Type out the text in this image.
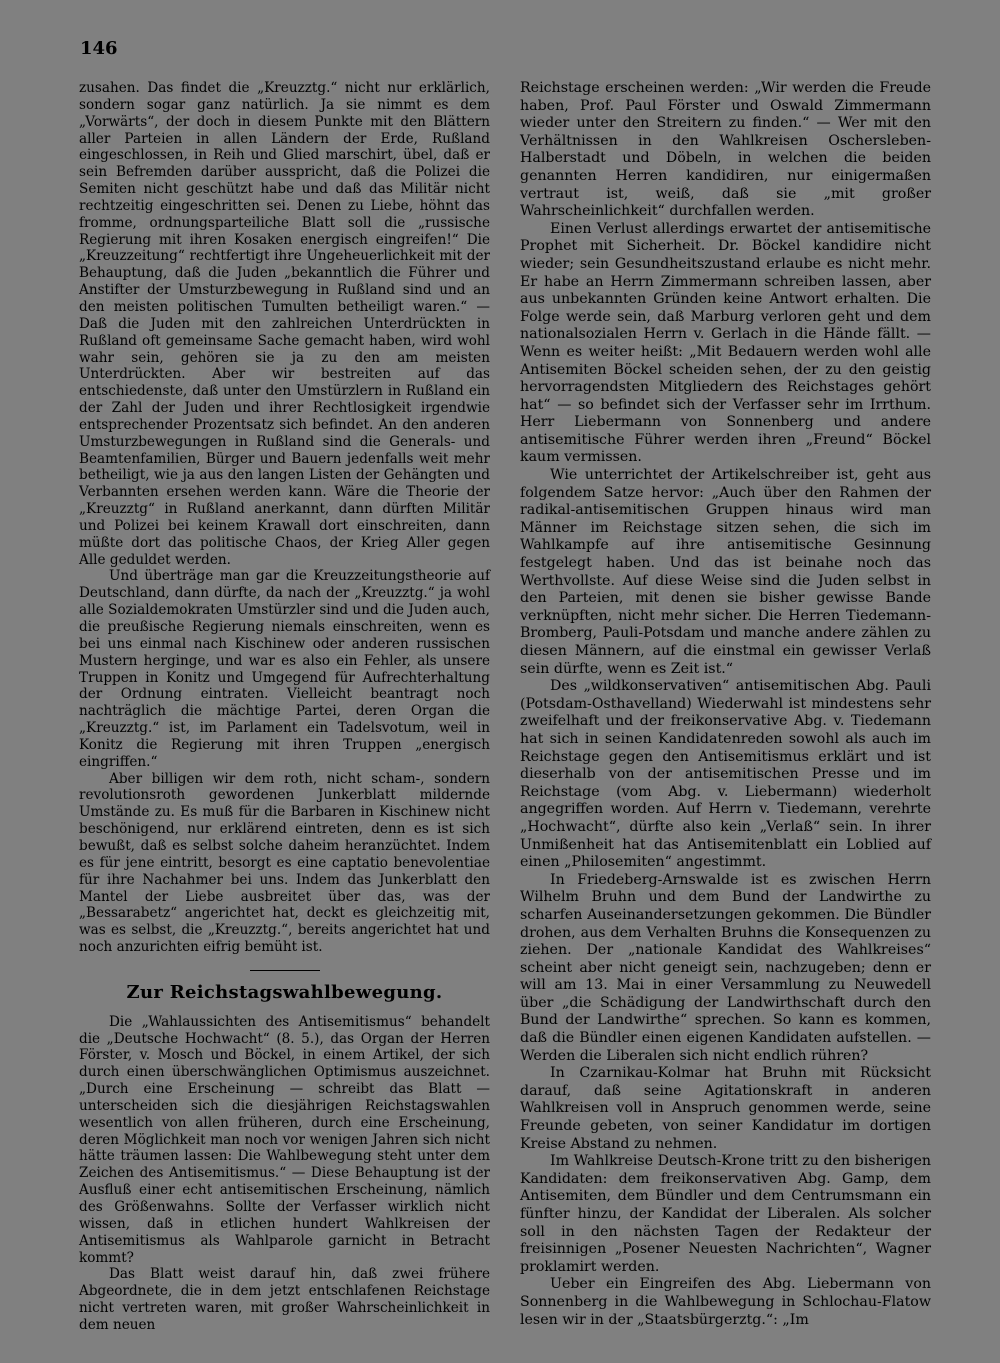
146

zusahen. Das findet die „Kreuzztg.“ nicht nur erklärlich, sondern sogar ganz natürlich. Ja sie nimmt es dem „Vorwärts“, der doch in diesem Punkte mit den Blättern aller Parteien in allen Ländern der Erde, Rußland eingeschlossen, in Reih und Glied marschirt, übel, daß er sein Befremden darüber ausspricht, daß die Polizei die Semiten nicht geschützt habe und daß das Militär nicht rechtzeitig eingeschritten sei. Denen zu Liebe, höhnt das fromme, ordnungsparteiliche Blatt soll die „russische Regierung mit ihren Kosaken energisch eingreifen!“ Die „Kreuzzeitung“ rechtfertigt ihre Ungeheuerlichkeit mit der Behauptung, daß die Juden „bekanntlich die Führer und Anstifter der Umsturzbewegung in Rußland sind und an den meisten politischen Tumulten betheiligt waren.“ — Daß die Juden mit den zahlreichen Unterdrückten in Rußland oft gemeinsame Sache gemacht haben, wird wohl wahr sein, gehören sie ja zu den am meisten Unterdrückten. Aber wir bestreiten auf das entschiedenste, daß unter den Umstürzlern in Rußland ein der Zahl der Juden und ihrer Rechtlosigkeit irgendwie entsprechender Prozentsatz sich befindet. An den anderen Umsturzbewegungen in Rußland sind die Generals- und Beamtenfamilien, Bürger und Bauern jedenfalls weit mehr betheiligt, wie ja aus den langen Listen der Gehängten und Verbannten ersehen werden kann. Wäre die Theorie der „Kreuzztg“ in Rußland anerkannt, dann dürften Militär und Polizei bei keinem Krawall dort einschreiten, dann müßte dort das politische Chaos, der Krieg Aller gegen Alle geduldet werden.

Und überträge man gar die Kreuzzeitungstheorie auf Deutschland, dann dürfte, da nach der „Kreuzztg.“ ja wohl alle Sozialdemokraten Umstürzler sind und die Juden auch, die preußische Regierung niemals einschreiten, wenn es bei uns einmal nach Kischinew oder anderen russischen Mustern herginge, und war es also ein Fehler, als unsere Truppen in Konitz und Umgegend für Aufrechterhaltung der Ordnung eintraten. Vielleicht beantragt noch nachträglich die mächtige Partei, deren Organ die „Kreuzztg.“ ist, im Parlament ein Tadelsvotum, weil in Konitz die Regierung mit ihren Truppen „energisch eingriffen.“

Aber billigen wir dem roth, nicht scham-, sondern revolutionsroth gewordenen Junkerblatt mildernde Umstände zu. Es muß für die Barbaren in Kischinew nicht beschönigend, nur erklärend eintreten, denn es ist sich bewußt, daß es selbst solche daheim heranzüchtet. Indem es für jene eintritt, besorgt es eine captatio benevolentiae für ihre Nachahmer bei uns. Indem das Junkerblatt den Mantel der Liebe ausbreitet über das, was der „Bessarabetz“ angerichtet hat, deckt es gleichzeitig mit, was es selbst, die „Kreuzztg.“, bereits angerichtet hat und noch anzurichten eifrig bemüht ist.

Zur Reichstagswahlbewegung.

Die „Wahlaussichten des Antisemitismus“ behandelt die „Deutsche Hochwacht“ (8. 5.), das Organ der Herren Förster, v. Mosch und Böckel, in einem Artikel, der sich durch einen überschwänglichen Optimismus auszeichnet. „Durch eine Erscheinung — schreibt das Blatt — unterscheiden sich die diesjährigen Reichstagswahlen wesentlich von allen früheren, durch eine Erscheinung, deren Möglichkeit man noch vor wenigen Jahren sich nicht hätte träumen lassen: Die Wahlbewegung steht unter dem Zeichen des Antisemitismus.“ — Diese Behauptung ist der Ausfluß einer echt antisemitischen Erscheinung, nämlich des Größenwahns. Sollte der Verfasser wirklich nicht wissen, daß in etlichen hundert Wahlkreisen der Antisemitismus als Wahlparole garnicht in Betracht kommt?

Das Blatt weist darauf hin, daß zwei frühere Abgeordnete, die in dem jetzt entschlafenen Reichstage nicht vertreten waren, mit großer Wahrscheinlichkeit in dem neuen

Reichstage erscheinen werden: „Wir werden die Freude haben, Prof. Paul Förster und Oswald Zimmermann wieder unter den Streitern zu finden.“ — Wer mit den Verhältnissen in den Wahlkreisen Oschersleben-Halberstadt und Döbeln, in welchen die beiden genannten Herren kandidiren, nur einigermaßen vertraut ist, weiß, daß sie „mit großer Wahrscheinlichkeit“ durchfallen werden.

Einen Verlust allerdings erwartet der antisemitische Prophet mit Sicherheit. Dr. Böckel kandidire nicht wieder; sein Gesundheitszustand erlaube es nicht mehr. Er habe an Herrn Zimmermann schreiben lassen, aber aus unbekannten Gründen keine Antwort erhalten. Die Folge werde sein, daß Marburg verloren geht und dem nationalsozialen Herrn v. Gerlach in die Hände fällt. — Wenn es weiter heißt: „Mit Bedauern werden wohl alle Antisemiten Böckel scheiden sehen, der zu den geistig hervorragendsten Mitgliedern des Reichstages gehört hat“ — so befindet sich der Verfasser sehr im Irrthum. Herr Liebermann von Sonnenberg und andere antisemitische Führer werden ihren „Freund“ Böckel kaum vermissen.

Wie unterrichtet der Artikelschreiber ist, geht aus folgendem Satze hervor: „Auch über den Rahmen der radikal-antisemitischen Gruppen hinaus wird man Männer im Reichstage sitzen sehen, die sich im Wahlkampfe auf ihre antisemitische Gesinnung festgelegt haben. Und das ist beinahe noch das Werthvollste. Auf diese Weise sind die Juden selbst in den Parteien, mit denen sie bisher gewisse Bande verknüpften, nicht mehr sicher. Die Herren Tiedemann-Bromberg, Pauli-Potsdam und manche andere zählen zu diesen Männern, auf die einstmal ein gewisser Verlaß sein dürfte, wenn es Zeit ist.“

Des „wildkonservativen“ antisemitischen Abg. Pauli (Potsdam-Osthavelland) Wiederwahl ist mindestens sehr zweifelhaft und der freikonservative Abg. v. Tiedemann hat sich in seinen Kandidatenreden sowohl als auch im Reichstage gegen den Antisemitismus erklärt und ist dieserhalb von der antisemitischen Presse und im Reichstage (vom Abg. v. Liebermann) wiederholt angegriffen worden. Auf Herrn v. Tiedemann, verehrte „Hochwacht“, dürfte also kein „Verlaß“ sein. In ihrer Unmißenheit hat das Antisemitenblatt ein Loblied auf einen „Philosemiten“ angestimmt.

In Friedeberg-Arnswalde ist es zwischen Herrn Wilhelm Bruhn und dem Bund der Landwirthe zu scharfen Auseinandersetzungen gekommen. Die Bündler drohen, aus dem Verhalten Bruhns die Konsequenzen zu ziehen. Der „nationale Kandidat des Wahlkreises“ scheint aber nicht geneigt sein, nachzugeben; denn er will am 13. Mai in einer Versammlung zu Neuwedell über „die Schädigung der Landwirthschaft durch den Bund der Landwirthe“ sprechen. So kann es kommen, daß die Bündler einen eigenen Kandidaten aufstellen. — Werden die Liberalen sich nicht endlich rühren?

In Czarnikau-Kolmar hat Bruhn mit Rücksicht darauf, daß seine Agitationskraft in anderen Wahlkreisen voll in Anspruch genommen werde, seine Freunde gebeten, von seiner Kandidatur im dortigen Kreise Abstand zu nehmen.

Im Wahlkreise Deutsch-Krone tritt zu den bisherigen Kandidaten: dem freikonservativen Abg. Gamp, dem Antisemiten, dem Bündler und dem Centrumsmann ein fünfter hinzu, der Kandidat der Liberalen. Als solcher soll in den nächsten Tagen der Redakteur der freisinnigen „Posener Neuesten Nachrichten“, Wagner proklamirt werden.

Ueber ein Eingreifen des Abg. Liebermann von Sonnenberg in die Wahlbewegung in Schlochau-Flatow lesen wir in der „Staatsbürgerztg.“: „Im
